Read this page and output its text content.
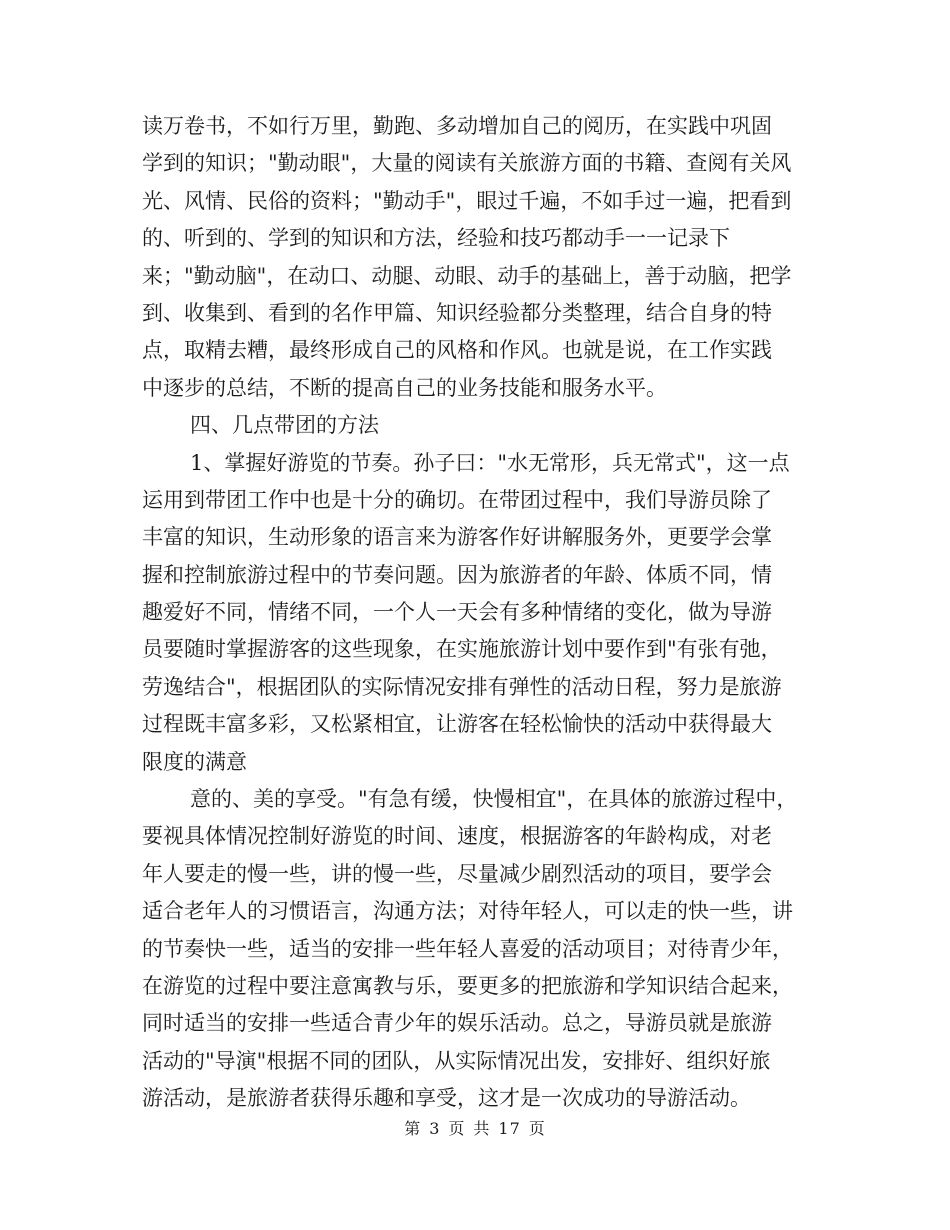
读万卷书，不如行万里，勤跑、多动增加自己的阅历，在实践中巩固
学到的知识；"勤动眼"，大量的阅读有关旅游方面的书籍、查阅有关风
光、风情、民俗的资料；"勤动手"，眼过千遍，不如手过一遍，把看到
的、听到的、学到的知识和方法，经验和技巧都动手一一记录下
来；"勤动脑"，在动口、动腿、动眼、动手的基础上，善于动脑，把学
到、收集到、看到的名作甲篇、知识经验都分类整理，结合自身的特
点，取精去糟，最终形成自己的风格和作风。也就是说，在工作实践
中逐步的总结，不断的提高自己的业务技能和服务水平。
四、几点带团的方法
1、掌握好游览的节奏。孙子曰："水无常形，兵无常式"，这一点
运用到带团工作中也是十分的确切。在带团过程中，我们导游员除了
丰富的知识，生动形象的语言来为游客作好讲解服务外，更要学会掌
握和控制旅游过程中的节奏问题。因为旅游者的年龄、体质不同，情
趣爱好不同，情绪不同，一个人一天会有多种情绪的变化，做为导游
员要随时掌握游客的这些现象，在实施旅游计划中要作到"有张有弛，
劳逸结合"，根据团队的实际情况安排有弹性的活动日程，努力是旅游
过程既丰富多彩，又松紧相宜，让游客在轻松愉快的活动中获得最大
限度的满意
意的、美的享受。"有急有缓，快慢相宜"，在具体的旅游过程中，
要视具体情况控制好游览的时间、速度，根据游客的年龄构成，对老
年人要走的慢一些，讲的慢一些，尽量减少剧烈活动的项目，要学会
适合老年人的习惯语言，沟通方法；对待年轻人，可以走的快一些，讲
的节奏快一些，适当的安排一些年轻人喜爱的活动项目；对待青少年，
在游览的过程中要注意寓教与乐，要更多的把旅游和学知识结合起来，
同时适当的安排一些适合青少年的娱乐活动。总之，导游员就是旅游
活动的"导演"根据不同的团队，从实际情况出发，安排好、组织好旅
游活动，是旅游者获得乐趣和享受，这才是一次成功的导游活动。
第 3 页 共 17 页
